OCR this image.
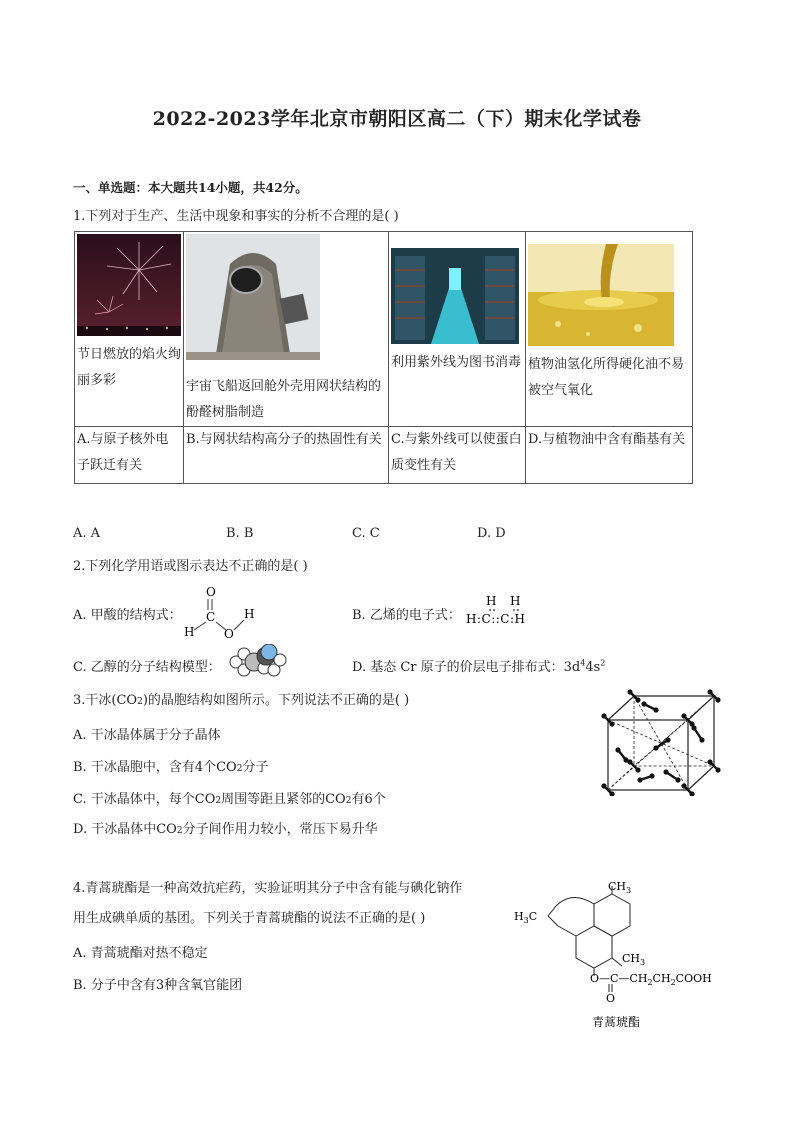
2022-2023学年北京市朝阳区高二（下）期末化学试卷
一、单选题：本大题共14小题，共42分。
1.下列对于生产、生活中现象和事实的分析不合理的是( )
节日燃放的焰火绚丽多彩	宇宙飞船返回舱外壳用网状结构的酚醛树脂制造	利用紫外线为图书消毒	植物油氢化所得硬化油不易被空气氧化

A.与原子核外电子跃迁有关	B.与网状结构高分子的热固性有关	C.与紫外线可以使蛋白质变性有关	D.与植物油中含有酯基有关
A. A	B. B	C. C	D. D
2.下列化学用语或图示表达不正确的是( )
A. 甲酸的结构式：
O
C
H O
H	B. 乙烯的电子式：
H H
H:C::C:H
C. 乙醇的分子结构模型：	D. 基态 Cr 原子的价层电子排布式：$3d^44s^2$
3.干冰(CO2)的晶胞结构如图所示。下列说法不正确的是( )
A. 干冰晶体属于分子晶体
B. 干冰晶胞中，含有4个CO2分子
C. 干冰晶体中，每个CO2周围等距且紧邻的CO2有6个
D. 干冰晶体中CO2分子间作用力较小，常压下易升华
4.青蒿琥酯是一种高效抗疟药，实验证明其分子中含有能与碘化钠作
用生成碘单质的基团。下列关于青蒿琥酯的说法不正确的是( )
A. 青蒿琥酯对热不稳定
B. 分子中含有3种含氧官能团
$CH_3$
$H_3C$
$CH_3$
$O—C—CH_2CH_2COOH$
O
青蒿琥酯
